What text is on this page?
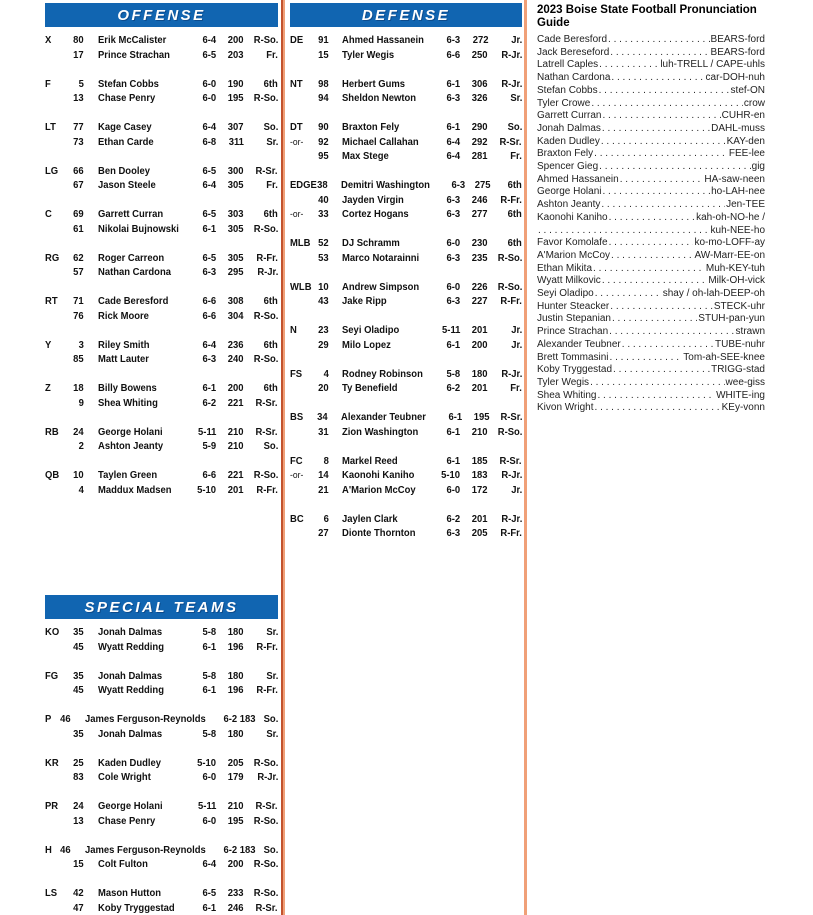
OFFENSE
X	80 Erik McCalister	6-4	200 R-So.
17 Prince Strachan	6-5	203	Fr.
F	5 Stefan Cobbs	6-0	190	6th
13 Chase Penry	6-0	195 R-So.
LT	77 Kage Casey	6-4	307	So.
73 Ethan Carde	6-8	311	Sr.
LG	66 Ben Dooley	6-5	300	R-Sr.
67 Jason Steele	6-4	305	Fr.
C	69 Garrett Curran	6-5	303	6th
61 Nikolai Bujnowski	6-1	305 R-So.
RG	62 Roger Carreon	6-5	305	R-Fr.
57 Nathan Cardona	6-3	295	R-Jr.
RT	71 Cade Beresford	6-6	308	6th
76 Rick Moore	6-6	304 R-So.
Y	3 Riley Smith	6-4	236	6th
85 Matt Lauter	6-3	240 R-So.
Z	18 Billy Bowens	6-1	200	6th
9 Shea Whiting	6-2	221	R-Sr.
RB	24 George Holani	5-11	210	R-Sr.
2 Ashton Jeanty	5-9	210	So.
QB	10 Taylen Green	6-6	221 R-So.
4 Maddux Madsen	5-10	201	R-Fr.
SPECIAL TEAMS
KO	35 Jonah Dalmas	5-8	180	Sr.
45 Wyatt Redding	6-1	196	R-Fr.
FG	35 Jonah Dalmas	5-8	180	Sr.
45 Wyatt Redding	6-1	196	R-Fr.
P 46 James Ferguson-Reynolds	6-2 183 So.
35 Jonah Dalmas	5-8	180	Sr.
KR	25 Kaden Dudley	5-10	205 R-So.
83 Cole Wright	6-0	179	R-Jr.
PR	24 George Holani	5-11	210	R-Sr.
13 Chase Penry	6-0	195 R-So.
H 46 James Ferguson-Reynolds	6-2 183 So.
15 Colt Fulton	6-4	200 R-So.
LS	42 Mason Hutton	6-5	233 R-So.
47 Koby Tryggestad	6-1	246	R-Sr.
DEFENSE
DE	91 Ahmed Hassanein	6-3	272	Jr.
15 Tyler Wegis	6-6	250	R-Jr.
NT	98 Herbert Gums	6-1	306	R-Jr.
94 Sheldon Newton	6-3	326	Sr.
DT	90 Braxton Fely	6-1	290	So.
-or-	92 Michael Callahan	6-4	292	R-Sr.
95 Max Stege	6-4	281	Fr.
EDGE 38 Demitri Washington	6-3 275	6th
40 Jayden Virgin	6-3	246	R-Fr.
-or-	33 Cortez Hogans	6-3	277	6th
MLB 52 DJ Schramm	6-0	230	6th
53 Marco Notarainni	6-3	235 R-So.
WLB 10 Andrew Simpson	6-0	226 R-So.
43 Jake Ripp	6-3	227	R-Fr.
N	23 Seyi Oladipo	5-11	201	Jr.
29 Milo Lopez	6-1	200	Jr.
FS	4 Rodney Robinson	5-8	180	R-Jr.
20 Ty Benefield	6-2	201	Fr.
BS	34 Alexander Teubner	6-1	195	R-Sr.
31 Zion Washington	6-1	210 R-So.
FC	8 Markel Reed	6-1	185	R-Sr.
-or-	14 Kaonohi Kaniho	5-10	183	R-Jr.
21 A'Marion McCoy	6-0	172	Jr.
BC	6 Jaylen Clark	6-2	201	R-Jr.
27 Dionte Thornton	6-3	205	R-Fr.
2023 Boise State Football Pronunciation Guide
Cade Beresford . . .	BEARS-ford
Jack Bereseford . . .	BEARS-ford
Latrell Caples . . .	luh-TRELL / CAPE-uhls
Nathan Cardona . . .	car-DOH-nuh
Stefan Cobbs . . .	stef-ON
Tyler Crowe . . .	crow
Garrett Curran . . .	CUHR-en
Jonah Dalmas . . .	DAHL-muss
Kaden Dudley . . .	KAY-den
Braxton Fely . . .	FEE-lee
Spencer Gieg . . .	gig
Ahmed Hassanein . . .	HA-saw-neen
George Holani . . .	ho-LAH-nee
Ashton Jeanty . . .	Jen-TEE
Kaonohi Kaniho . . .	kah-oh-NO-he /
. . .
kuh-NEE-ho
Favor Komolafe . . .	ko-mo-LOFF-ay
A'Marion McCoy . . .	AW-Marr-EE-on
Ethan Mikita . . .	Muh-KEY-tuh
Wyatt Milkovic . . .	Milk-OH-vick
Seyi Oladipo . . .	shay / oh-lah-DEEP-oh
Hunter Steacker . . .	STECK-uhr
Justin Stepanian . . .	STUH-pan-yun
Prince Strachan . . .	strawn
Alexander Teubner . . .	TUBE-nuhr
Brett Tommasini . . .	Tom-ah-SEE-knee
Koby Tryggestad . . .	TRIGG-stad
Tyler Wegis . . .	wee-giss
Shea Whiting . . .	WHITE-ing
Kivon Wright . . .	KEy-vonn
